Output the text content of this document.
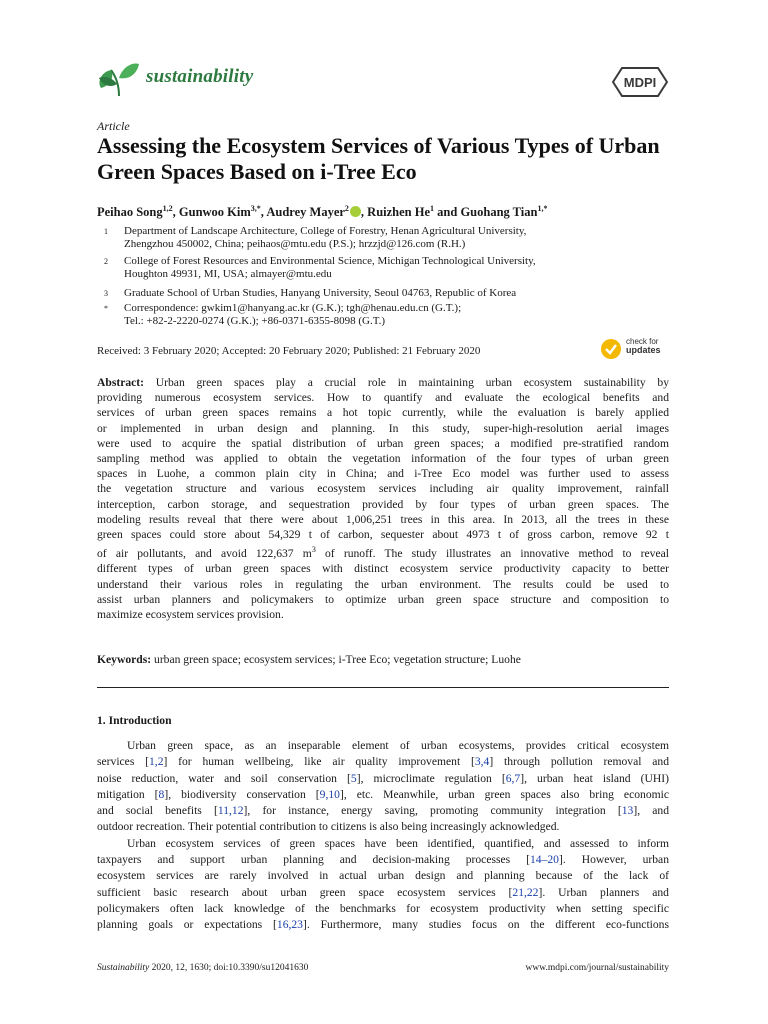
sustainability	MDPI
Article
Assessing the Ecosystem Services of Various Types of Urban Green Spaces Based on i-Tree Eco
Peihao Song$^{1,2}$, Gunwoo Kim$^{3,*}$, Audrey Mayer$^2$ , Ruizhen He$^1$ and Guohang Tian$^{1,*}$
1 Department of Landscape Architecture, College of Forestry, Henan Agricultural University,
Zhengzhou 450002, China; peihaos@mtu.edu (P.S.); hrzzjd@126.com (R.H.)
2 College of Forest Resources and Environmental Science, Michigan Technological University,
Houghton 49931, MI, USA; almayer@mtu.edu
3 Graduate School of Urban Studies, Hanyang University, Seoul 04763, Republic of Korea
* Correspondence: gwkim1@hanyang.ac.kr (G.K.); tgh@henau.edu.cn (G.T.);
Tel.: +82-2-2220-0274 (G.K.); +86-0371-6355-8098 (G.T.)
Received: 3 February 2020; Accepted: 20 February 2020; Published: 21 February 2020
check for
updates
Abstract: Urban green spaces play a crucial role in maintaining urban ecosystem sustainability by
providing numerous ecosystem services. How to quantify and evaluate the ecological benefits and
services of urban green spaces remains a hot topic currently, while the evaluation is barely applied
or implemented in urban design and planning. In this study, super-high-resolution aerial images
were used to acquire the spatial distribution of urban green spaces; a modified pre-stratified random
sampling method was applied to obtain the vegetation information of the four types of urban green
spaces in Luohe, a common plain city in China; and i-Tree Eco model was further used to assess
the vegetation structure and various ecosystem services including air quality improvement, rainfall
interception, carbon storage, and sequestration provided by four types of urban green spaces. The
modeling results reveal that there were about 1,006,251 trees in this area. In 2013, all the trees in these
green spaces could store about 54,329 t of carbon, sequester about 4973 t of gross carbon, remove 92 t
of air pollutants, and avoid 122,637 $m^3$ of runoff. The study illustrates an innovative method to reveal
different types of urban green spaces with distinct ecosystem service productivity capacity to better
understand their various roles in regulating the urban environment. The results could be used to
assist urban planners and policymakers to optimize urban green space structure and composition to
maximize ecosystem services provision.
Keywords: urban green space; ecosystem services; i-Tree Eco; vegetation structure; Luohe
1. Introduction
Urban green space, as an inseparable element of urban ecosystems, provides critical ecosystem
services [1,2] for human wellbeing, like air quality improvement [3,4] through pollution removal and
noise reduction, water and soil conservation [5], microclimate regulation [6,7], urban heat island (UHI)
mitigation [8], biodiversity conservation [9,10], etc. Meanwhile, urban green spaces also bring economic
and social benefits [11,12], for instance, energy saving, promoting community integration [13], and
outdoor recreation. Their potential contribution to citizens is also being increasingly acknowledged.
Urban ecosystem services of green spaces have been identified, quantified, and assessed to inform
taxpayers and support urban planning and decision-making processes [14–20]. However, urban
ecosystem services are rarely involved in actual urban design and planning because of the lack of
sufficient basic research about urban green space ecosystem services [21,22]. Urban planners and
policymakers often lack knowledge of the benchmarks for ecosystem productivity when setting specific
planning goals or expectations [16,23]. Furthermore, many studies focus on the different eco-functions
Sustainability 2020, 12, 1630; doi:10.3390/su12041630	www.mdpi.com/journal/sustainability
